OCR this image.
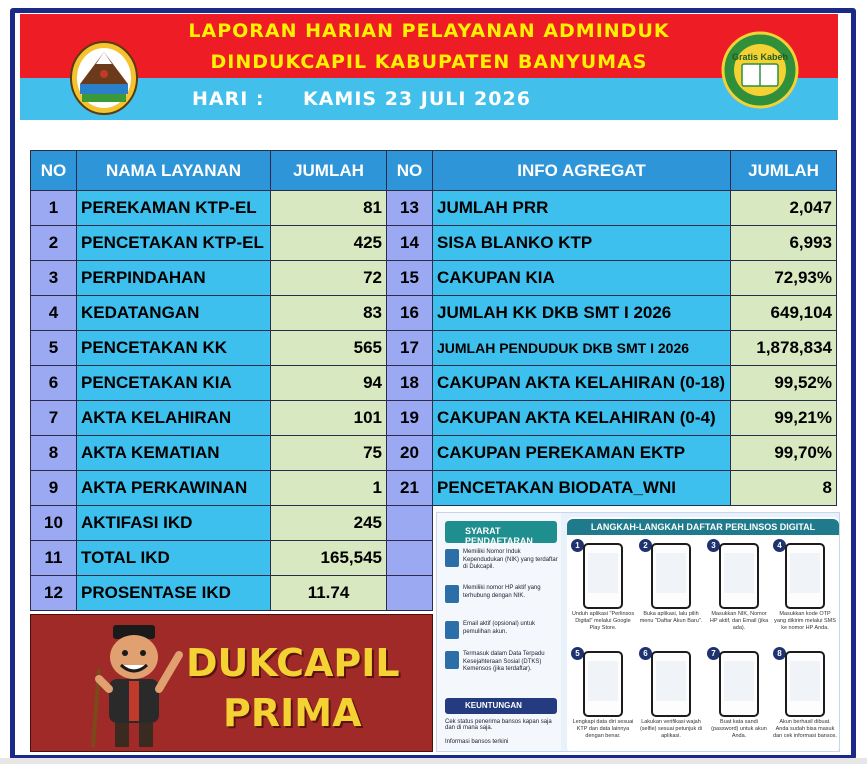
LAPORAN HARIAN PELAYANAN ADMINDUK
DINDUKCAPIL KABUPATEN BANYUMAS
HARI : KAMIS 23 JULI 2026
Gratis Kabeh
NO	NAMA LAYANAN	JUMLAH	NO	INFO AGREGAT	JUMLAH
1	PEREKAMAN KTP-EL	81	13	JUMLAH PRR	2,047
2	PENCETAKAN KTP-EL	425	14	SISA BLANKO KTP	6,993
3	PERPINDAHAN	72	15	CAKUPAN KIA	72,93%
4	KEDATANGAN	83	16	JUMLAH KK DKB SMT I 2026	649,104
5	PENCETAKAN KK	565	17	JUMLAH PENDUDUK DKB SMT I 2026	1,878,834
6	PENCETAKAN KIA	94	18	CAKUPAN AKTA KELAHIRAN (0-18)	99,52%
7	AKTA KELAHIRAN	101	19	CAKUPAN AKTA KELAHIRAN (0-4)	99,21%
8	AKTA KEMATIAN	75	20	CAKUPAN PEREKAMAN EKTP	99,70%
9	AKTA PERKAWINAN	1	21	PENCETAKAN BIODATA_WNI	8
10	AKTIFASI IKD	245			
11	TOTAL IKD	165,545			
12	PROSENTASE IKD	11.74			
DUKCAPIL
PRIMA
SYARAT PENDAFTARAN
Memiliki Nomor Induk Kependudukan (NIK) yang terdaftar di Dukcapil.
Memiliki nomor HP aktif yang terhubung dengan NIK.
Email aktif (opsional) untuk pemulihan akun.
Termasuk dalam Data Terpadu Kesejahteraan Sosial (DTKS) Kemensos (jika terdaftar).
KEUNTUNGAN
Cek status penerima bansos kapan saja dan di mana saja.
Informasi bansos terkini
LANGKAH-LANGKAH DAFTAR PERLINSOS DIGITAL
1
Unduh aplikasi "Perlinsos Digital" melalui Google Play Store.
2
Buka aplikasi, lalu pilih menu "Daftar Akun Baru".
3
Masukkan NIK, Nomor HP aktif, dan Email (jika ada).
4
Masukkan kode OTP yang dikirim melalui SMS ke nomor HP Anda.
5
Lengkapi data diri sesuai KTP dan data lainnya dengan benar.
6
Lakukan verifikasi wajah (selfie) sesuai petunjuk di aplikasi.
7
Buat kata sandi (password) untuk akun Anda.
8
Akun berhasil dibuat. Anda sudah bisa masuk dan cek informasi bansos.
